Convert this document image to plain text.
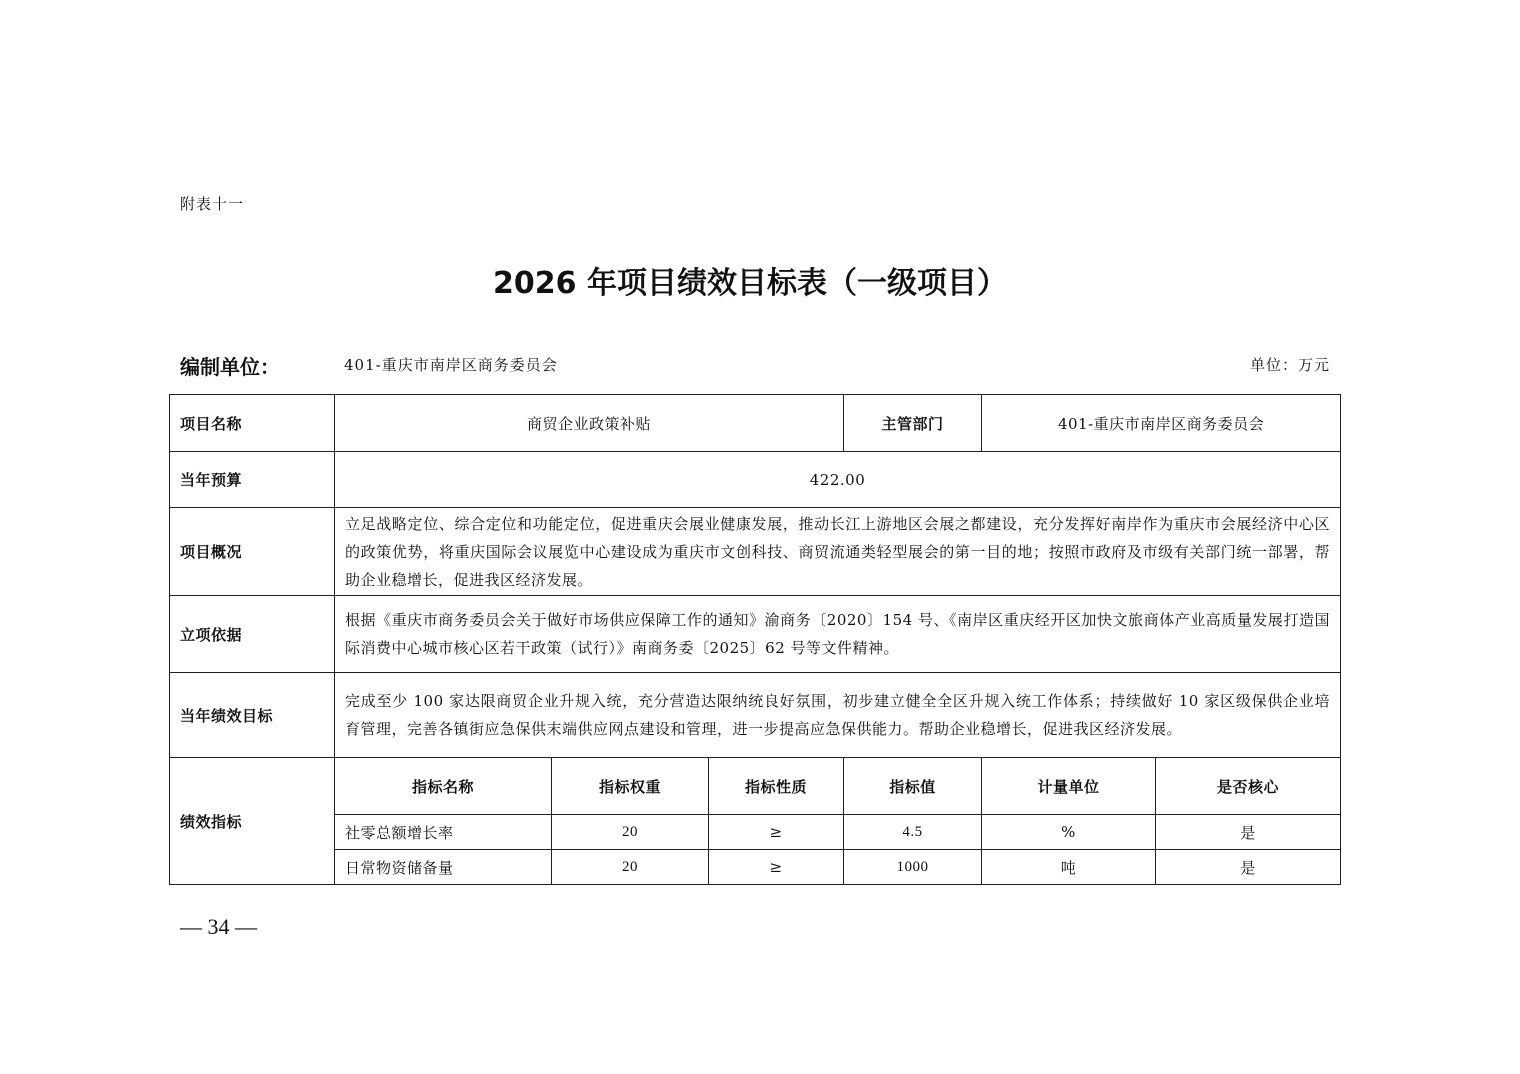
附表十一
2026 年项目绩效目标表（一级项目）
编制单位：	401-重庆市南岸区商务委员会	单位：万元
项目名称	商贸企业政策补贴			主管部门	401-重庆市南岸区商务委员会	
当年预算	422.00					
项目概况	立足战略定位、综合定位和功能定位，促进重庆会展业健康发展，推动长江上游地区会展之都建设，充分发挥好南岸作为重庆市会展经济中心区的政策优势，将重庆国际会议展览中心建设成为重庆市文创科技、商贸流通类轻型展会的第一目的地；按照市政府及市级有关部门统一部署，帮助企业稳增长，促进我区经济发展。					
立项依据	根据《重庆市商务委员会关于做好市场供应保障工作的通知》渝商务〔2020〕154 号、《南岸区重庆经开区加快文旅商体产业高质量发展打造国际消费中心城市核心区若干政策（试行）》南商务委〔2025〕62 号等文件精神。					
当年绩效目标	完成至少 100 家达限商贸企业升规入统，充分营造达限纳统良好氛围，初步建立健全全区升规入统工作体系；持续做好 10 家区级保供企业培育管理，完善各镇街应急保供末端供应网点建设和管理，进一步提高应急保供能力。帮助企业稳增长，促进我区经济发展。					
绩效指标	指标名称	指标权重	指标性质	指标值	计量单位	是否核心
	社零总额增长率	20	≥	4.5	%	是
	日常物资储备量	20	≥	1000	吨	是
— 34 —
